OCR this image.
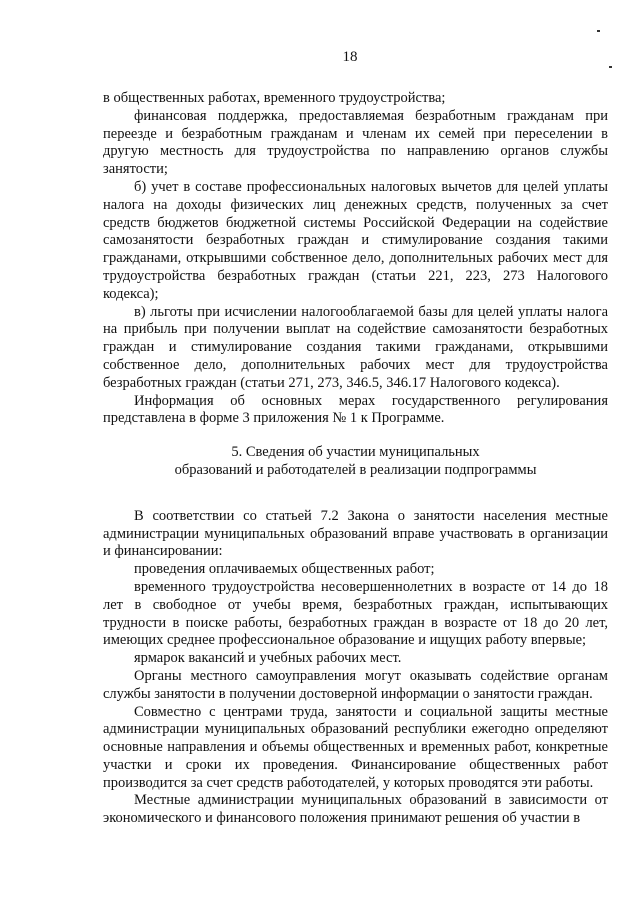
18

в общественных работах, временного трудоустройства;

финансовая поддержка, предоставляемая безработным гражданам при переезде и безработным гражданам и членам их семей при переселении в другую местность для трудоустройства по направлению органов службы занятости;

б) учет в составе профессиональных налоговых вычетов для целей уплаты налога на доходы физических лиц денежных средств, полученных за счет средств бюджетов бюджетной системы Российской Федерации на содействие самозанятости безработных граждан и стимулирование создания такими гражданами, открывшими собственное дело, дополнительных рабочих мест для трудоустройства безработных граждан (статьи 221, 223, 273 Налогового кодекса);

в) льготы при исчислении налогооблагаемой базы для целей уплаты налога на прибыль при получении выплат на содействие самозанятости безработных граждан и стимулирование создания такими гражданами, открывшими собственное дело, дополнительных рабочих мест для трудоустройства безработных граждан (статьи 271, 273, 346.5, 346.17 Налогового кодекса).

Информация об основных мерах государственного регулирования представлена в форме 3 приложения № 1 к Программе.

5. Сведения об участии муниципальных
образований и работодателей в реализации подпрограммы

В соответствии со статьей 7.2 Закона о занятости населения местные администрации муниципальных образований вправе участвовать в организации и финансировании:

проведения оплачиваемых общественных работ;

временного трудоустройства несовершеннолетних в возрасте от 14 до 18 лет в свободное от учебы время, безработных граждан, испытывающих трудности в поиске работы, безработных граждан в возрасте от 18 до 20 лет, имеющих среднее профессиональное образование и ищущих работу впервые;

ярмарок вакансий и учебных рабочих мест.

Органы местного самоуправления могут оказывать содействие органам службы занятости в получении достоверной информации о занятости граждан.

Совместно с центрами труда, занятости и социальной защиты местные администрации муниципальных образований республики ежегодно определяют основные направления и объемы общественных и временных работ, конкретные участки и сроки их проведения. Финансирование общественных работ производится за счет средств работодателей, у которых проводятся эти работы.

Местные администрации муниципальных образований в зависимости от экономического и финансового положения принимают решения об участии в
